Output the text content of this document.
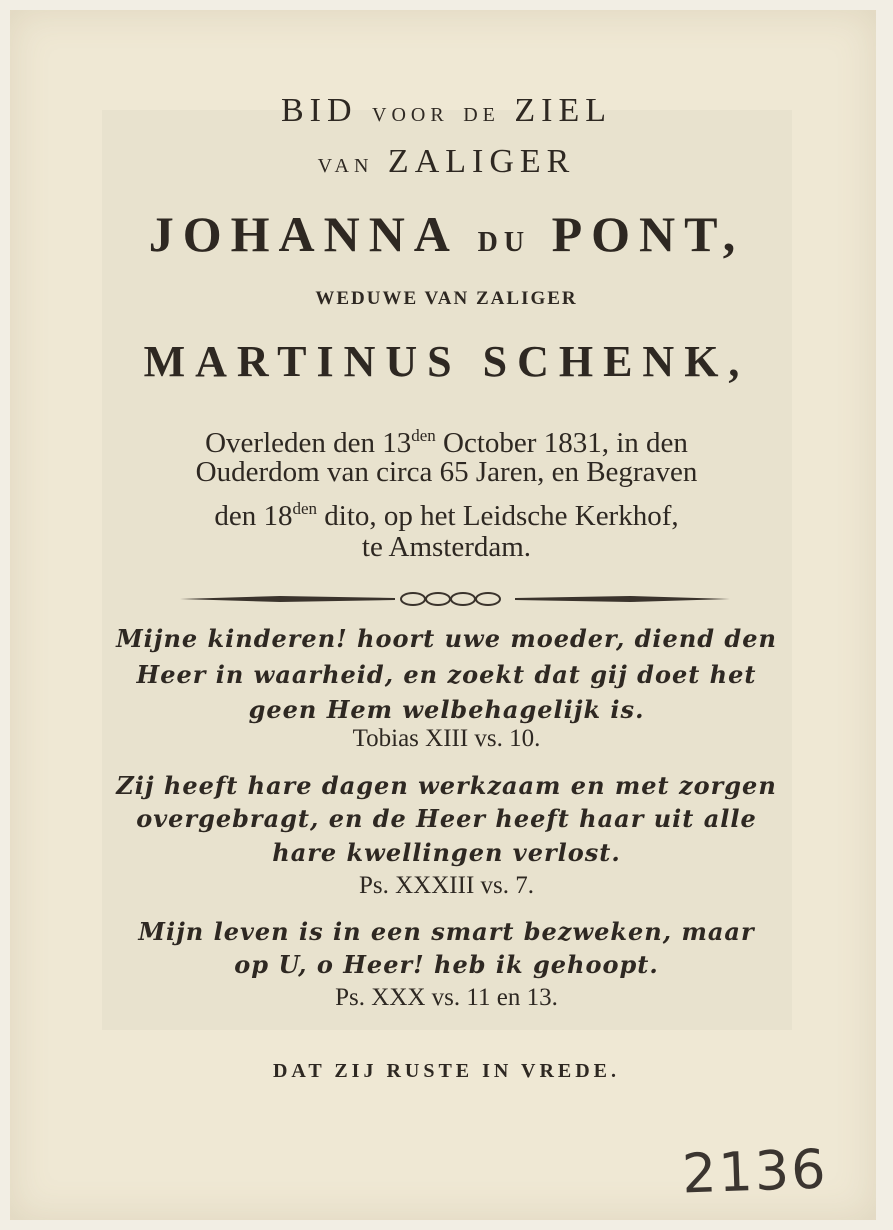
BID VOOR DE ZIEL
VAN ZALIGER
JOHANNA DU PONT,
WEDUWE VAN ZALIGER
MARTINUS SCHENK,
Overleden den $13^{den}$ October 1831, in den
Ouderdom van circa 65 Jaren, en Begraven
den $18^{den}$ dito, op het Leidsche Kerkhof,
te Amsterdam.
Mijne kinderen! hoort uwe moeder, diend den
Heer in waarheid, en zoekt dat gij doet het
geen Hem welbehagelijk is.
Tobias XIII vs. 10.
Zij heeft hare dagen werkzaam en met zorgen
overgebragt, en de Heer heeft haar uit alle
hare kwellingen verlost.
Ps. XXXIII vs. 7.
Mijn leven is in een smart bezweken, maar
op U, o Heer! heb ik gehoopt.
Ps. XXX vs. 11 en 13.
DAT ZIJ RUSTE IN VREDE.
2136
